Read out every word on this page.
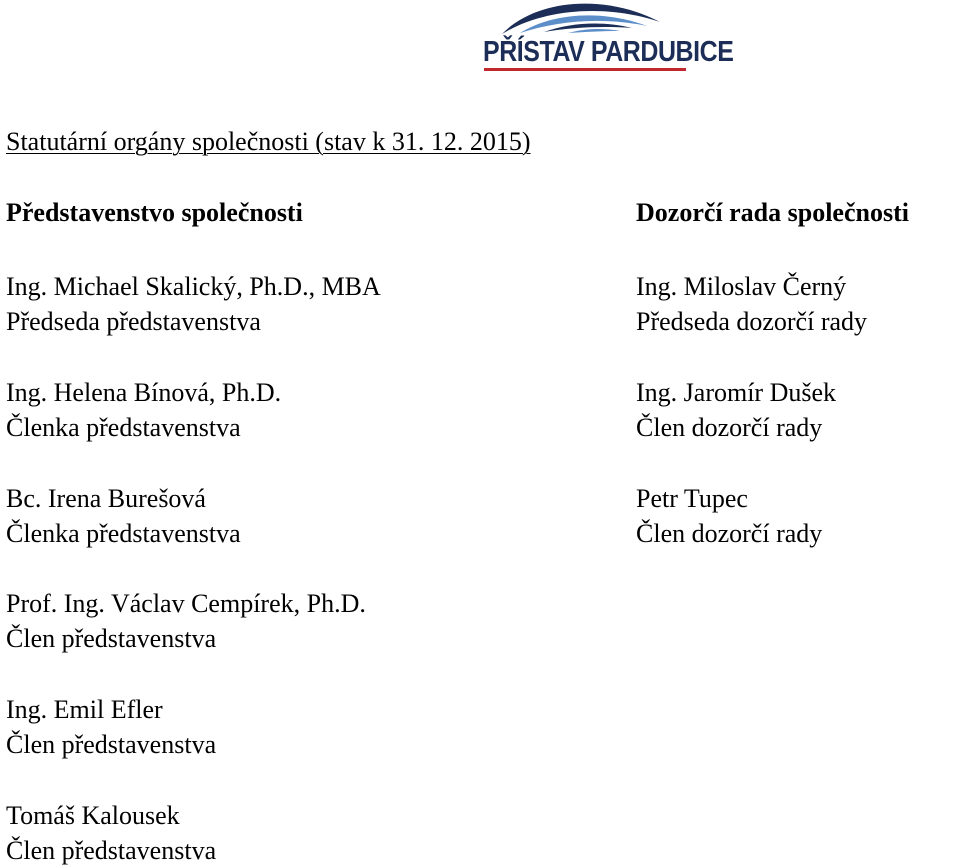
PŘÍSTAV PARDUBICE
Statutární orgány společnosti (stav k 31. 12. 2015)
Představenstvo společnosti	Dozorčí rada společnosti
Ing. Michael Skalický, Ph.D., MBA
Předseda představenstva
Ing. Helena Bínová, Ph.D.
Členka představenstva
Bc. Irena Burešová
Členka představenstva
Prof. Ing. Václav Cempírek, Ph.D.
Člen představenstva
Ing. Emil Efler
Člen představenstva
Tomáš Kalousek
Člen představenstva
Ing. Miloslav Černý
Předseda dozorčí rady
Ing. Jaromír Dušek
Člen dozorčí rady
Petr Tupec
Člen dozorčí rady
